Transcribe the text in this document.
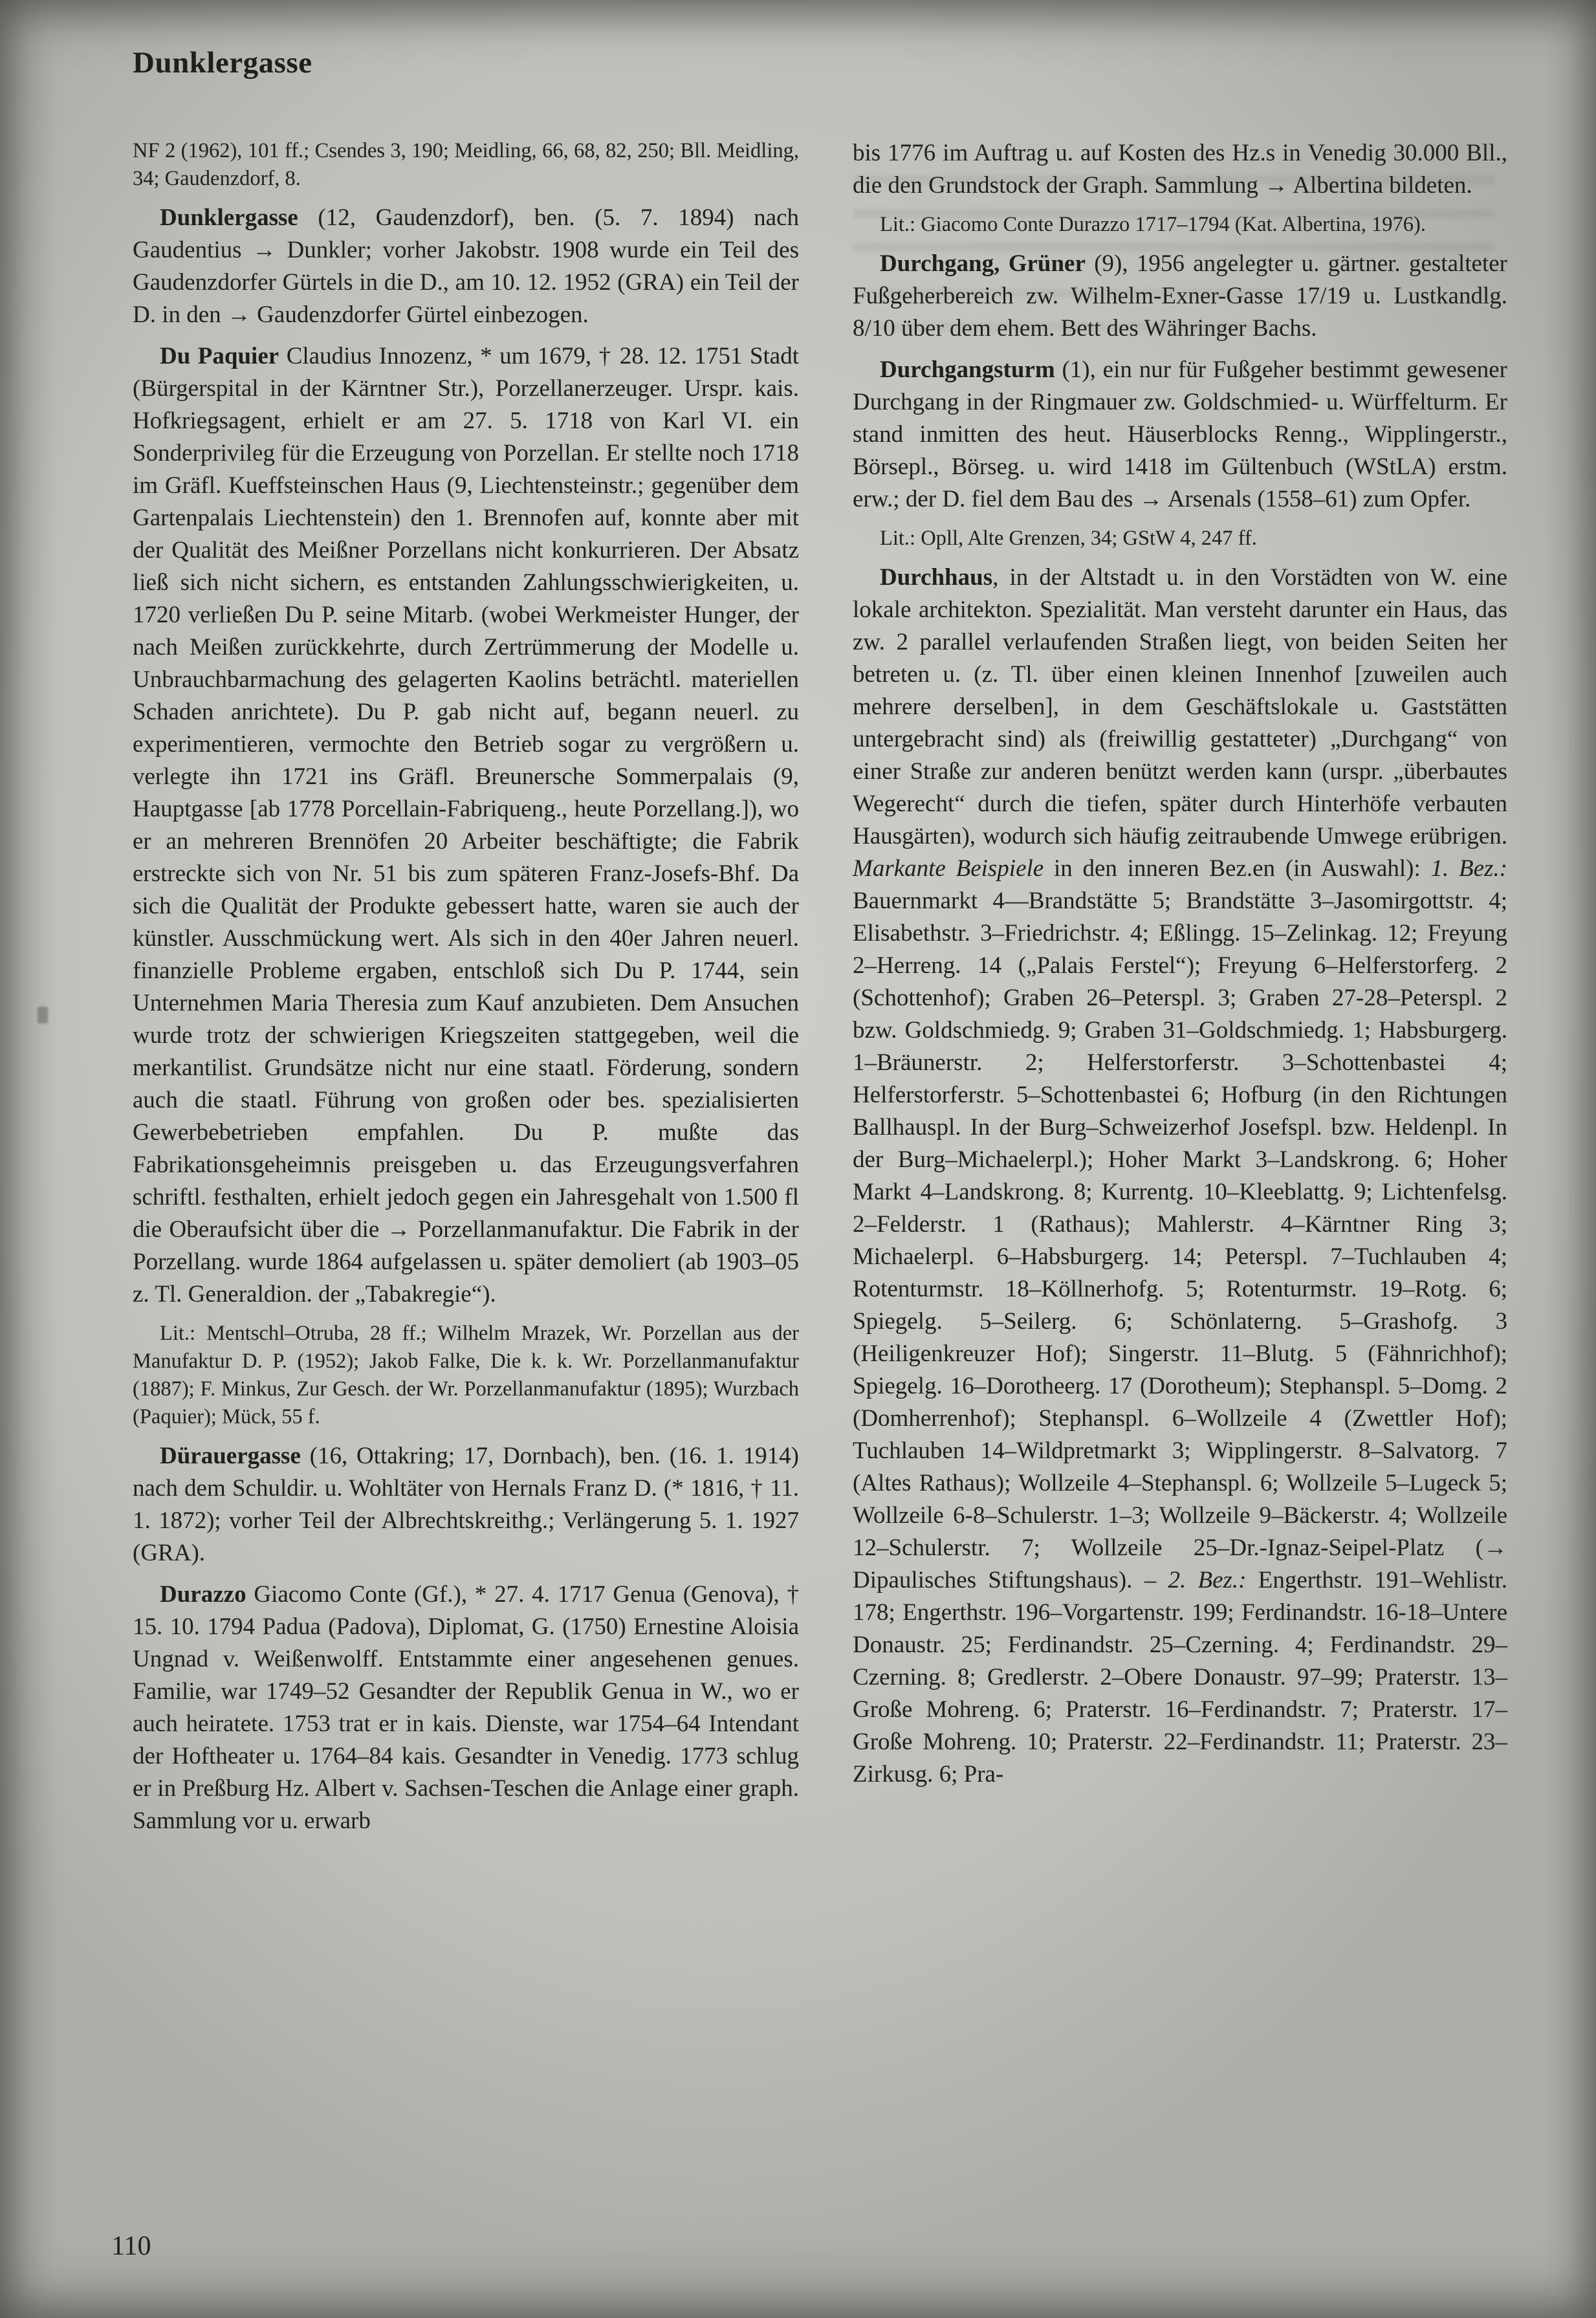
Dunklergasse

NF 2 (1962), 101 ff.; Csendes 3, 190; Meidling, 66, 68, 82, 250; Bll. Meidling, 34; Gaudenzdorf, 8.

Dunklergasse (12, Gaudenzdorf), ben. (5. 7. 1894) nach Gaudentius → Dunkler; vorher Jakobstr. 1908 wurde ein Teil des Gaudenzdorfer Gürtels in die D., am 10. 12. 1952 (GRA) ein Teil der D. in den → Gaudenzdorfer Gürtel einbezogen.

Du Paquier Claudius Innozenz, * um 1679, † 28. 12. 1751 Stadt (Bürgerspital in der Kärntner Str.), Porzellanerzeuger. Urspr. kais. Hofkriegsagent, erhielt er am 27. 5. 1718 von Karl VI. ein Sonderprivileg für die Erzeugung von Porzellan. Er stellte noch 1718 im Gräfl. Kueffsteinschen Haus (9, Liechtensteinstr.; gegenüber dem Gartenpalais Liechtenstein) den 1. Brennofen auf, konnte aber mit der Qualität des Meißner Porzellans nicht konkurrieren. Der Absatz ließ sich nicht sichern, es entstanden Zahlungsschwierigkeiten, u. 1720 verließen Du P. seine Mitarb. (wobei Werkmeister Hunger, der nach Meißen zurückkehrte, durch Zertrümmerung der Modelle u. Unbrauchbarmachung des gelagerten Kaolins beträchtl. materiellen Schaden anrichtete). Du P. gab nicht auf, begann neuerl. zu experimentieren, vermochte den Betrieb sogar zu vergrößern u. verlegte ihn 1721 ins Gräfl. Breunersche Sommerpalais (9, Hauptgasse [ab 1778 Porcellain-Fabriqueng., heute Porzellang.]), wo er an mehreren Brennöfen 20 Arbeiter beschäftigte; die Fabrik erstreckte sich von Nr. 51 bis zum späteren Franz-Josefs-Bhf. Da sich die Qualität der Produkte gebessert hatte, waren sie auch der künstler. Ausschmückung wert. Als sich in den 40er Jahren neuerl. finanzielle Probleme ergaben, entschloß sich Du P. 1744, sein Unternehmen Maria Theresia zum Kauf anzubieten. Dem Ansuchen wurde trotz der schwierigen Kriegszeiten stattgegeben, weil die merkantilist. Grundsätze nicht nur eine staatl. Förderung, sondern auch die staatl. Führung von großen oder bes. spezialisierten Gewerbebetrieben empfahlen. Du P. mußte das Fabrikationsgeheimnis preisgeben u. das Erzeugungsverfahren schriftl. festhalten, erhielt jedoch gegen ein Jahresgehalt von 1.500 fl die Oberaufsicht über die → Porzellanmanufaktur. Die Fabrik in der Porzellang. wurde 1864 aufgelassen u. später demoliert (ab 1903–05 z. Tl. Generaldion. der „Tabakregie“).

Lit.: Mentschl–Otruba, 28 ff.; Wilhelm Mrazek, Wr. Porzellan aus der Manufaktur D. P. (1952); Jakob Falke, Die k. k. Wr. Porzellanmanufaktur (1887); F. Minkus, Zur Gesch. der Wr. Porzellanmanufaktur (1895); Wurzbach (Paquier); Mück, 55 f.

Dürauergasse (16, Ottakring; 17, Dornbach), ben. (16. 1. 1914) nach dem Schuldir. u. Wohltäter von Hernals Franz D. (* 1816, † 11. 1. 1872); vorher Teil der Albrechtskreithg.; Verlängerung 5. 1. 1927 (GRA).

Durazzo Giacomo Conte (Gf.), * 27. 4. 1717 Genua (Genova), † 15. 10. 1794 Padua (Padova), Diplomat, G. (1750) Ernestine Aloisia Ungnad v. Weißenwolff. Entstammte einer angesehenen genues. Familie, war 1749–52 Gesandter der Republik Genua in W., wo er auch heiratete. 1753 trat er in kais. Dienste, war 1754–64 Intendant der Hoftheater u. 1764–84 kais. Gesandter in Venedig. 1773 schlug er in Preßburg Hz. Albert v. Sachsen-Teschen die Anlage einer graph. Sammlung vor u. erwarb

bis 1776 im Auftrag u. auf Kosten des Hz.s in Venedig 30.000 Bll., die den Grundstock der Graph. Sammlung → Albertina bildeten.

Lit.: Giacomo Conte Durazzo 1717–1794 (Kat. Albertina, 1976).

Durchgang, Grüner (9), 1956 angelegter u. gärtner. gestalteter Fußgeherbereich zw. Wilhelm-Exner-Gasse 17/19 u. Lustkandlg. 8/10 über dem ehem. Bett des Währinger Bachs.

Durchgangsturm (1), ein nur für Fußgeher bestimmt gewesener Durchgang in der Ringmauer zw. Goldschmied- u. Würffelturm. Er stand inmitten des heut. Häuserblocks Renng., Wipplingerstr., Börsepl., Börseg. u. wird 1418 im Gültenbuch (WStLA) erstm. erw.; der D. fiel dem Bau des → Arsenals (1558–61) zum Opfer.

Lit.: Opll, Alte Grenzen, 34; GStW 4, 247 ff.

Durchhaus, in der Altstadt u. in den Vorstädten von W. eine lokale architekton. Spezialität. Man versteht darunter ein Haus, das zw. 2 parallel verlaufenden Straßen liegt, von beiden Seiten her betreten u. (z. Tl. über einen kleinen Innenhof [zuweilen auch mehrere derselben], in dem Geschäftslokale u. Gaststätten untergebracht sind) als (freiwillig gestatteter) „Durchgang“ von einer Straße zur anderen benützt werden kann (urspr. „überbautes Wegerecht“ durch die tiefen, später durch Hinterhöfe verbauten Hausgärten), wodurch sich häufig zeitraubende Umwege erübrigen. Markante Beispiele in den inneren Bez.en (in Auswahl): 1. Bez.: Bauernmarkt 4—Brandstätte 5; Brandstätte 3–Jasomirgottstr. 4; Elisabethstr. 3–Friedrichstr. 4; Eßlingg. 15–Zelinkag. 12; Freyung 2–Herreng. 14 („Palais Ferstel“); Freyung 6–Helferstorferg. 2 (Schottenhof); Graben 26–Peterspl. 3; Graben 27-28–Peterspl. 2 bzw. Goldschmiedg. 9; Graben 31–Goldschmiedg. 1; Habsburgerg. 1–Bräunerstr. 2; Helferstorferstr. 3–Schottenbastei 4; Helferstorferstr. 5–Schottenbastei 6; Hofburg (in den Richtungen Ballhauspl. In der Burg–Schweizerhof Josefspl. bzw. Heldenpl. In der Burg–Michaelerpl.); Hoher Markt 3–Landskrong. 6; Hoher Markt 4–Landskrong. 8; Kurrentg. 10–Kleeblattg. 9; Lichtenfelsg. 2–Felderstr. 1 (Rathaus); Mahlerstr. 4–Kärntner Ring 3; Michaelerpl. 6–Habsburgerg. 14; Peterspl. 7–Tuchlauben 4; Rotenturmstr. 18–Köllnerhofg. 5; Rotenturmstr. 19–Rotg. 6; Spiegelg. 5–Seilerg. 6; Schönlaterng. 5–Grashofg. 3 (Heiligenkreuzer Hof); Singerstr. 11–Blutg. 5 (Fähnrichhof); Spiegelg. 16–Dorotheerg. 17 (Dorotheum); Stephanspl. 5–Domg. 2 (Domherrenhof); Stephanspl. 6–Wollzeile 4 (Zwettler Hof); Tuchlauben 14–Wildpretmarkt 3; Wipplingerstr. 8–Salvatorg. 7 (Altes Rathaus); Wollzeile 4–Stephanspl. 6; Wollzeile 5–Lugeck 5; Wollzeile 6-8–Schulerstr. 1–3; Wollzeile 9–Bäckerstr. 4; Wollzeile 12–Schulerstr. 7; Wollzeile 25–Dr.-Ignaz-Seipel-Platz (→ Dipaulisches Stiftungshaus). – 2. Bez.: Engerthstr. 191–Wehlistr. 178; Engerthstr. 196–Vorgartenstr. 199; Ferdinandstr. 16-18–Untere Donaustr. 25; Ferdinandstr. 25–Czerning. 4; Ferdinandstr. 29–Czerning. 8; Gredlerstr. 2–Obere Donaustr. 97–99; Praterstr. 13–Große Mohreng. 6; Praterstr. 16–Ferdinandstr. 7; Praterstr. 17–Große Mohreng. 10; Praterstr. 22–Ferdinandstr. 11; Praterstr. 23–Zirkusg. 6; Pra-

110
